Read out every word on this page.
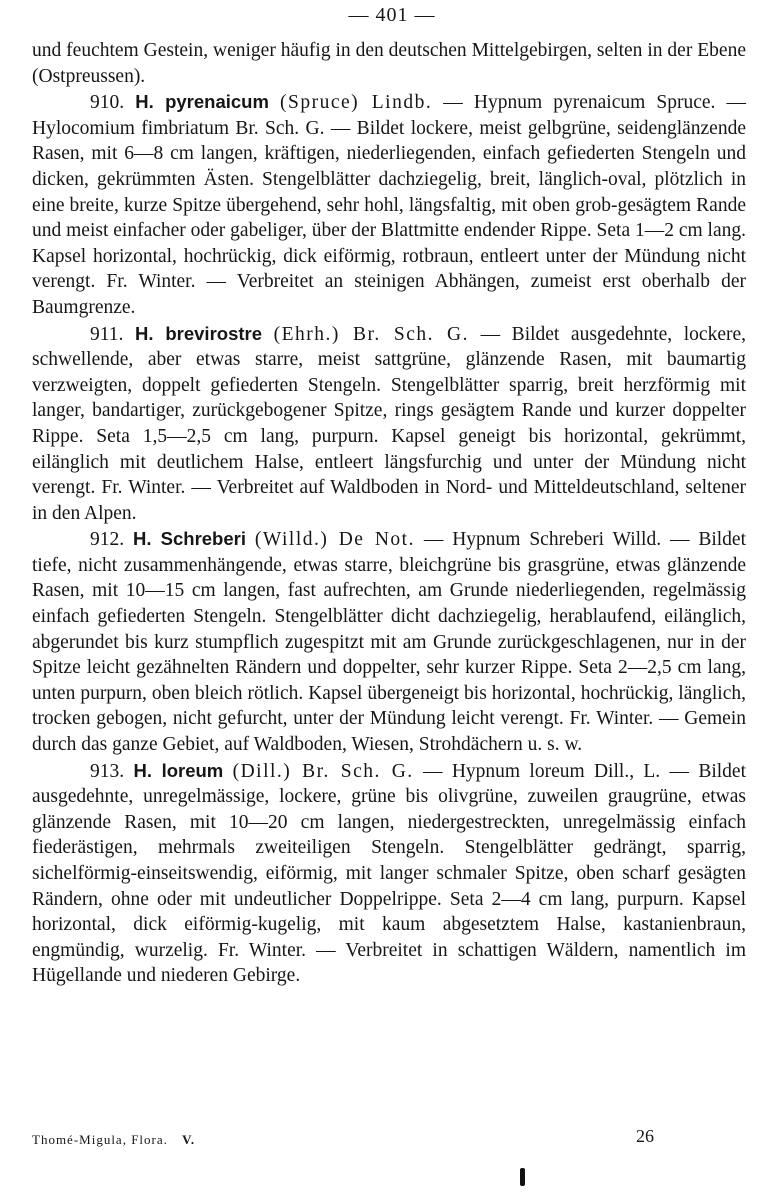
— 401 —

und feuchtem Gestein, weniger häufig in den deutschen Mittelgebirgen, selten in der Ebene (Ostpreussen).

910. H. pyrenaicum (Spruce) Lindb. — Hypnum pyrenaicum Spruce. — Hylocomium fimbriatum Br. Sch. G. — Bildet lockere, meist gelbgrüne, seidenglänzende Rasen, mit 6—8 cm langen, kräftigen, niederliegenden, einfach gefiederten Stengeln und dicken, gekrümmten Ästen. Stengelblätter dachziegelig, breit, länglich-oval, plötzlich in eine breite, kurze Spitze übergehend, sehr hohl, längsfaltig, mit oben grob-gesägtem Rande und meist einfacher oder gabeliger, über der Blattmitte endender Rippe. Seta 1—2 cm lang. Kapsel horizontal, hochrückig, dick eiförmig, rotbraun, entleert unter der Mündung nicht verengt. Fr. Winter. — Verbreitet an steinigen Abhängen, zumeist erst oberhalb der Baumgrenze.

911. H. brevirostre (Ehrh.) Br. Sch. G. — Bildet ausgedehnte, lockere, schwellende, aber etwas starre, meist sattgrüne, glänzende Rasen, mit baumartig verzweigten, doppelt gefiederten Stengeln. Stengelblätter sparrig, breit herzförmig mit langer, bandartiger, zurückgebogener Spitze, rings gesägtem Rande und kurzer doppelter Rippe. Seta 1,5—2,5 cm lang, purpurn. Kapsel geneigt bis horizontal, gekrümmt, eilänglich mit deutlichem Halse, entleert längsfurchig und unter der Mündung nicht verengt. Fr. Winter. — Verbreitet auf Waldboden in Nord- und Mitteldeutschland, seltener in den Alpen.

912. H. Schreberi (Willd.) De Not. — Hypnum Schreberi Willd. — Bildet tiefe, nicht zusammenhängende, etwas starre, bleichgrüne bis grasgrüne, etwas glänzende Rasen, mit 10—15 cm langen, fast aufrechten, am Grunde niederliegenden, regelmässig einfach gefiederten Stengeln. Stengelblätter dicht dachziegelig, herablaufend, eilänglich, abgerundet bis kurz stumpflich zugespitzt mit am Grunde zurückgeschlagenen, nur in der Spitze leicht gezähnelten Rändern und doppelter, sehr kurzer Rippe. Seta 2—2,5 cm lang, unten purpurn, oben bleich rötlich. Kapsel übergeneigt bis horizontal, hochrückig, länglich, trocken gebogen, nicht gefurcht, unter der Mündung leicht verengt. Fr. Winter. — Gemein durch das ganze Gebiet, auf Waldboden, Wiesen, Strohdächern u. s. w.

913. H. loreum (Dill.) Br. Sch. G. — Hypnum loreum Dill., L. — Bildet ausgedehnte, unregelmässige, lockere, grüne bis olivgrüne, zuweilen graugrüne, etwas glänzende Rasen, mit 10—20 cm langen, niedergestreckten, unregelmässig einfach fiederästigen, mehrmals zweiteiligen Stengeln. Stengelblätter gedrängt, sparrig, sichelförmig-einseitswendig, eiförmig, mit langer schmaler Spitze, oben scharf gesägten Rändern, ohne oder mit undeutlicher Doppelrippe. Seta 2—4 cm lang, purpurn. Kapsel horizontal, dick eiförmig-kugelig, mit kaum abgesetztem Halse, kastanienbraun, engmündig, wurzelig. Fr. Winter. — Verbreitet in schattigen Wäldern, namentlich im Hügellande und niederen Gebirge.

Thomé-Migula, Flora. V.	26
